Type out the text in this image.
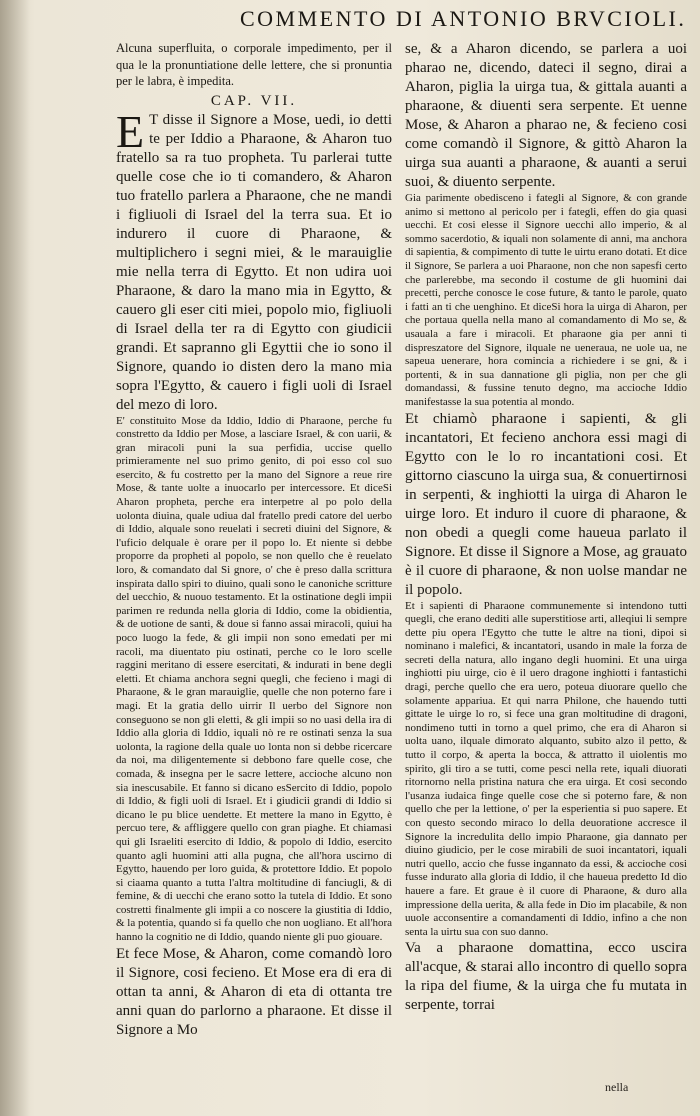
COMMENTO DI ANTONIO BRVCIOLI.

Alcuna superfluita, o corporale impedimento, per il qua le la pronuntiatione delle lettere, che si pronuntia per le labra, è impedita.

CAP. VII.
E T disse il Signore a Mose, uedi, io detti te per Iddio a Pharaone, & Aharon tuo fratello sa ra tuo propheta. Tu parlerai tutte quelle cose che io ti comandero, & Aharon tuo fratello parlera a Pharaone, che ne mandi i figliuoli di Israel del la terra sua. Et io indurero il cuore di Pharaone, & multiplichero i segni miei, & le marauiglie mie nella terra di Egytto. Et non udira uoi Pharaone, & daro la mano mia in Egytto, & cauero gli eser citi miei, popolo mio, figliuoli di Israel della ter ra di Egytto con giudicii grandi. Et sapranno gli Egyttii che io sono il Signore, quando io disten dero la mano mia sopra l'Egytto, & cauero i figli uoli di Israel del mezo di loro.

E' constituito Mose da Iddio, Iddio di Pharaone, perche fu constretto da Iddio per Mose, a lasciare Israel, & con uarii, & gran miracoli puni la sua perfidia, uccise quello primieramente nel suo primo genito, di poi esso col suo esercito, & fu costretto per la mano del Signore a reue rire Mose, & tante uolte a inuocarlo per intercessore. Et diceSi Aharon propheta, perche era interpetre al po polo della uolonta diuina, quale udiua dal fratello predi catore del uerbo di Iddio, alquale sono reuelati i secreti diuini del Signore, & l'uficio delquale è orare per il popo lo. Et niente si debbe proporre da propheti al popolo, se non quello che è reuelato loro, & comandato dal Si gnore, o' che è preso dalla scrittura inspirata dallo spiri to diuino, quali sono le canoniche scritture del uecchio, & nuouo testamento. Et la ostinatione degli impii parimen re redunda nella gloria di Iddio, come la obidientia, & de uotione de santi, & doue si fanno assai miracoli, quiui ha poco luogo la fede, & gli impii non sono emedati per mi racoli, ma diuentato piu ostinati, perche co le loro scelle raggini meritano di essere esercitati, & indurati in bene degli eletti. Et chiama anchora segni quegli, che fecieno i magi di Pharaone, & le gran marauiglie, quelle che non poterno fare i magi. Et la gratia dello uirrir Il uerbo del Signore non conseguono se non gli eletti, & gli impii so no uasi della ira di Iddio alla gloria di Iddio, iquali nò re re ostinati senza la sua uolonta, la ragione della quale uo lonta non si debbe ricercare da noi, ma diligentemente si debbono fare quelle cose, che comada, & insegna per le sacre lettere, accioche alcuno non sia inescusabile. Et fanno si dicano esSercito di Iddio, popolo di Iddio, & figli uoli di Israel. Et i giudicii grandi di Iddio si dicano le pu blice uendette. Et mettere la mano in Egytto, è percuo tere, & affliggere quello con gran piaghe. Et chiamasi qui gli Israeliti esercito di Iddio, & popolo di Iddio, esercito quanto agli huomini atti alla pugna, che all'hora uscirno di Egytto, hauendo per loro guida, & protettore Iddio. Et popolo si ciaama quanto a tutta l'altra moltitudine di fanciugli, & di femine, & di uecchi che erano sotto la tutela di Iddio. Et sono costretti finalmente gli impii a co noscere la giustitia di Iddio, & la potentia, quando si fa quello che non uogliano. Et all'hora hanno la cognitio ne di Iddio, quando niente gli puo giouare.

Et fece Mose, & Aharon, come comandò loro il Signore, cosi fecieno. Et Mose era di era di ottan ta anni, & Aharon di eta di ottanta tre anni quan do parlorno a pharaone. Et disse il Signore a Mo

se, & a Aharon dicendo, se parlera a uoi pharao ne, dicendo, dateci il segno, dirai a Aharon, piglia la uirga tua, & gittala auanti a pharaone, & diuenti sera serpente. Et uenne Mose, & Aharon a pharao ne, & fecieno cosi come comandò il Signore, & gittò Aharon la uirga sua auanti a pharaone, & auanti a serui suoi, & diuento serpente.

Gia parimente obedisceno i fategli al Signore, & con grande animo si mettono al pericolo per i fategli, effen do gia quasi uecchi. Et cosi elesse il Signore uecchi allo imperio, & al sommo sacerdotio, & iquali non solamente di anni, ma anchora di sapientia, & compimento di tutte le uirtu erano dotati. Et dice il Signore, Se parlera a uoi Pharaone, non che non sapesfi certo che parlerebbe, ma secondo il costume de gli huomini dai precetti, perche conosce le cose future, & tanto le parole, quato i fatti an ti che uenghino. Et diceSi hora la uirga di Aharon, per che portaua quella nella mano al comandamento di Mo se, & usauala a fare i miracoli. Et pharaone gia per anni ti dispreszatore del Signore, ilquale ne ueneraua, ne uole ua, ne sapeua uenerare, hora comincia a richiedere i se gni, & i portenti, & in sua dannatione gli piglia, non per che gli domandassi, & fussine tenuto degno, ma accioche Iddio manifestasse la sua potentia al mondo.

Et chiamò pharaone i sapienti, & gli incantatori, Et fecieno anchora essi magi di Egytto con le lo ro incantationi cosi. Et gittorno ciascuno la uirga sua, & conuertirnosi in serpenti, & inghiotti la uirga di Aharon le uirge loro. Et induro il cuore di pharaone, & non obedi a quegli come haueua parlato il Signore. Et disse il Signore a Mose, ag grauato è il cuore di pharaone, & non uolse mandar ne il popolo.

Et i sapienti di Pharaone communemente si intendono tutti quegli, che erano dediti alle superstitiose arti, alleqiui li sempre dette piu opera l'Egytto che tutte le altre na tioni, dipoi si nominano i malefici, & incantatori, usando in male la forza de secreti della natura, allo ingano degli huomini. Et una uirga inghiotti piu uirge, cio è il uero dragone inghiotti i fantastichi dragi, perche quello che era uero, poteua diuorare quello che solamente appariua. Et qui narra Philone, che hauendo tutti gittate le uirge lo ro, si fece una gran moltitudine di dragoni, nondimeno tutti in torno a quel primo, che era di Aharon si uolta uano, ilquale dimorato alquanto, subito alzo il petto, & tutto il corpo, & aperta la bocca, & attratto il uiolentis mo spirito, gli tiro a se tutti, come pesci nella rete, iquali diuorati ritornorno nella pristina natura che era uirga. Et cosi secondo l'usanza iudaica finge quelle cose che si poterno fare, & non quello che per la lettione, o' per la esperientia si puo sapere. Et con questo secondo miraco lo della deuoratione accresce il Signore la incredulita dello impio Pharaone, gia dannato per diuino giudicio, per le cose mirabili de suoi incantatori, iquali nutri quello, accio che fusse ingannato da essi, & accioche cosi fusse indurato alla gloria di Iddio, il che haueua predetto Id dio hauere a fare. Et graue è il cuore di Pharaone, & duro alla impressione della uerita, & alla fede in Dio im placabile, & non uuole acconsentire a comandamenti di Iddio, infino a che non senta la uirtu sua con suo danno.

Va a pharaone domattina, ecco uscira all'acque, & starai allo incontro di quello sopra la ripa del fiume, & la uirga che fu mutata in serpente, torrai

nella
